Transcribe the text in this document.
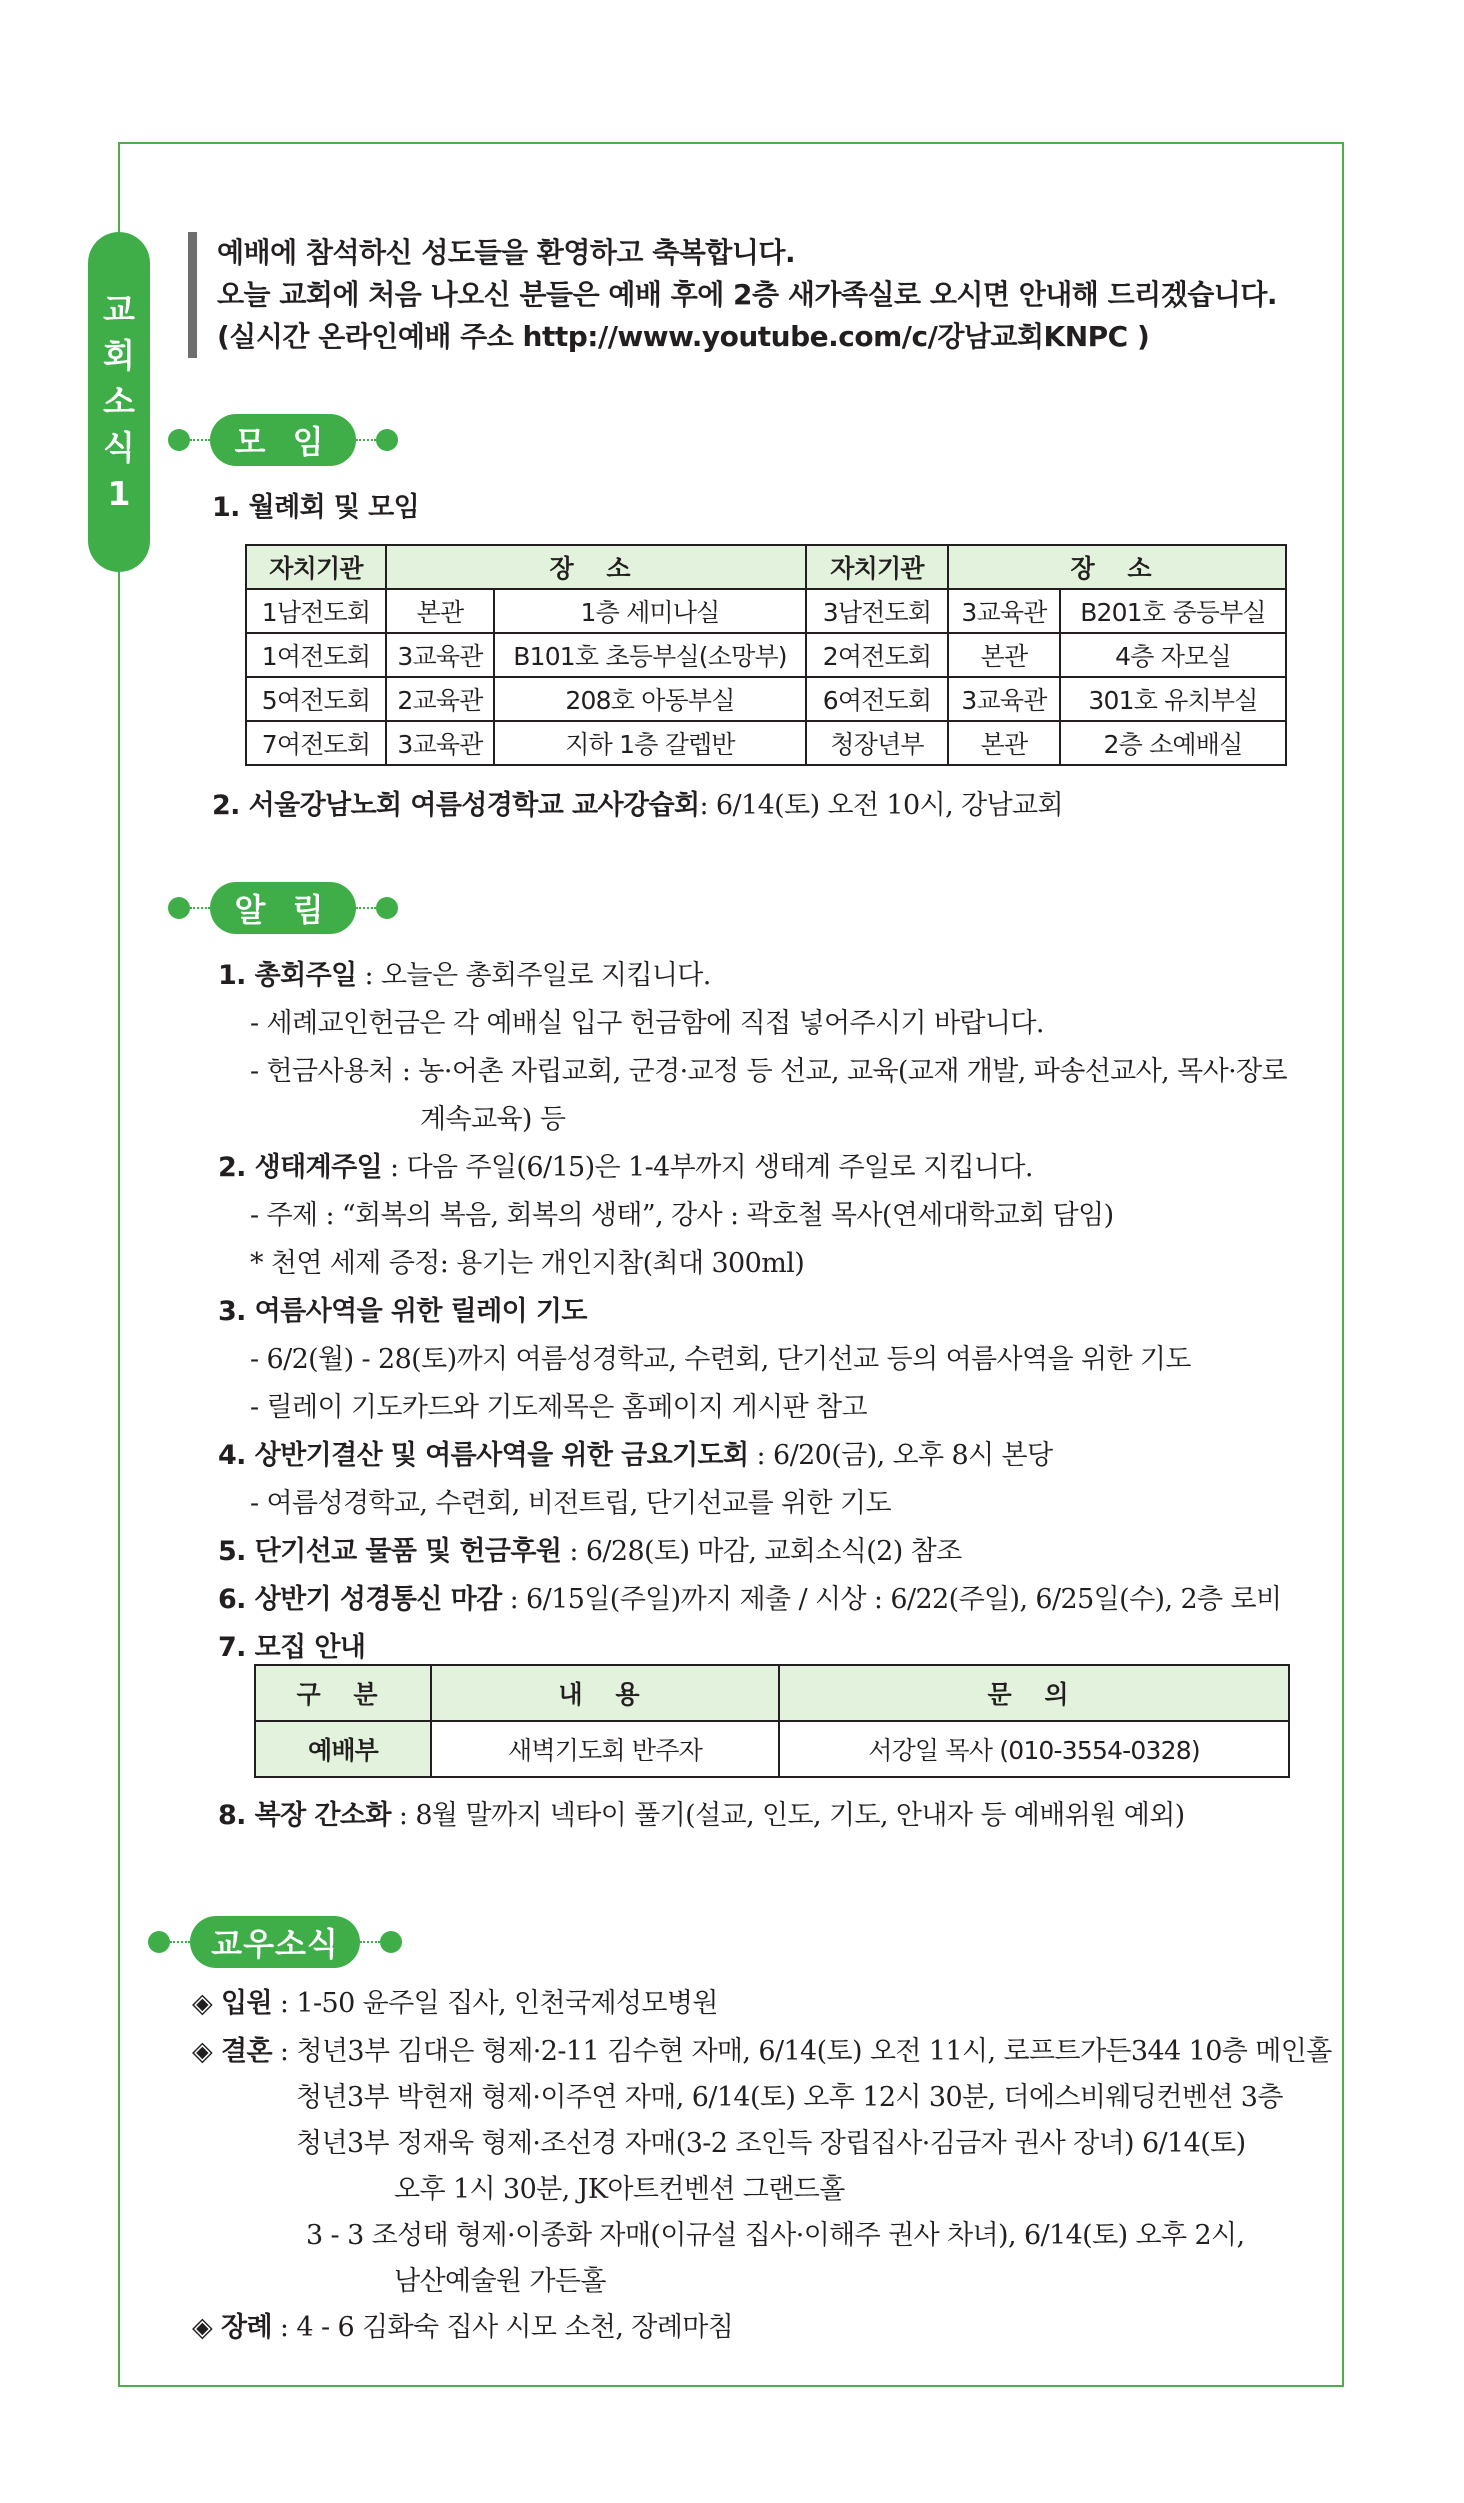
교
회
소
식
1
예배에 참석하신 성도들을 환영하고 축복합니다.
오늘 교회에 처음 나오신 분들은 예배 후에 2층 새가족실로 오시면 안내해 드리겠습니다.
(실시간 온라인예배 주소 http://www.youtube.com/c/강남교회KNPC )
모 임
1. 월례회 및 모임
자치기관	장 소		자치기관	장 소	
1남전도회	본관	1층 세미나실	3남전도회	3교육관	B201호 중등부실
1여전도회	3교육관	B101호 초등부실(소망부)	2여전도회	본관	4층 자모실
5여전도회	2교육관	208호 아동부실	6여전도회	3교육관	301호 유치부실
7여전도회	3교육관	지하 1층 갈렙반	청장년부	본관	2층 소예배실
2. 서울강남노회 여름성경학교 교사강습회: 6/14(토) 오전 10시, 강남교회
알 림
1. 총회주일 : 오늘은 총회주일로 지킵니다.
- 세례교인헌금은 각 예배실 입구 헌금함에 직접 넣어주시기 바랍니다.
- 헌금사용처 : 농·어촌 자립교회, 군경·교정 등 선교, 교육(교재 개발, 파송선교사, 목사·장로
계속교육) 등
2. 생태계주일 : 다음 주일(6/15)은 1-4부까지 생태계 주일로 지킵니다.
- 주제 : “회복의 복음, 회복의 생태”, 강사 : 곽호철 목사(연세대학교회 담임)
* 천연 세제 증정: 용기는 개인지참(최대 300ml)
3. 여름사역을 위한 릴레이 기도
- 6/2(월) - 28(토)까지 여름성경학교, 수련회, 단기선교 등의 여름사역을 위한 기도
- 릴레이 기도카드와 기도제목은 홈페이지 게시판 참고
4. 상반기결산 및 여름사역을 위한 금요기도회 : 6/20(금), 오후 8시 본당
- 여름성경학교, 수련회, 비전트립, 단기선교를 위한 기도
5. 단기선교 물품 및 헌금후원 : 6/28(토) 마감, 교회소식(2) 참조
6. 상반기 성경통신 마감 : 6/15일(주일)까지 제출 / 시상 : 6/22(주일), 6/25일(수), 2층 로비
7. 모집 안내
구 분	내 용	문 의
예배부	새벽기도회 반주자	서강일 목사 (010-3554-0328)
8. 복장 간소화 : 8월 말까지 넥타이 풀기(설교, 인도, 기도, 안내자 등 예배위원 예외)
교우소식
◈ 입원 : 1-50 윤주일 집사, 인천국제성모병원
◈ 결혼 : 청년3부 김대은 형제·2-11 김수현 자매, 6/14(토) 오전 11시, 로프트가든344 10층 메인홀
청년3부 박현재 형제·이주연 자매, 6/14(토) 오후 12시 30분, 더에스비웨딩컨벤션 3층
청년3부 정재욱 형제·조선경 자매(3-2 조인득 장립집사·김금자 권사 장녀) 6/14(토)
오후 1시 30분, JK아트컨벤션 그랜드홀
3 - 3 조성태 형제·이종화 자매(이규설 집사·이해주 권사 차녀), 6/14(토) 오후 2시,
남산예술원 가든홀
◈ 장례 : 4 - 6 김화숙 집사 시모 소천, 장례마침
